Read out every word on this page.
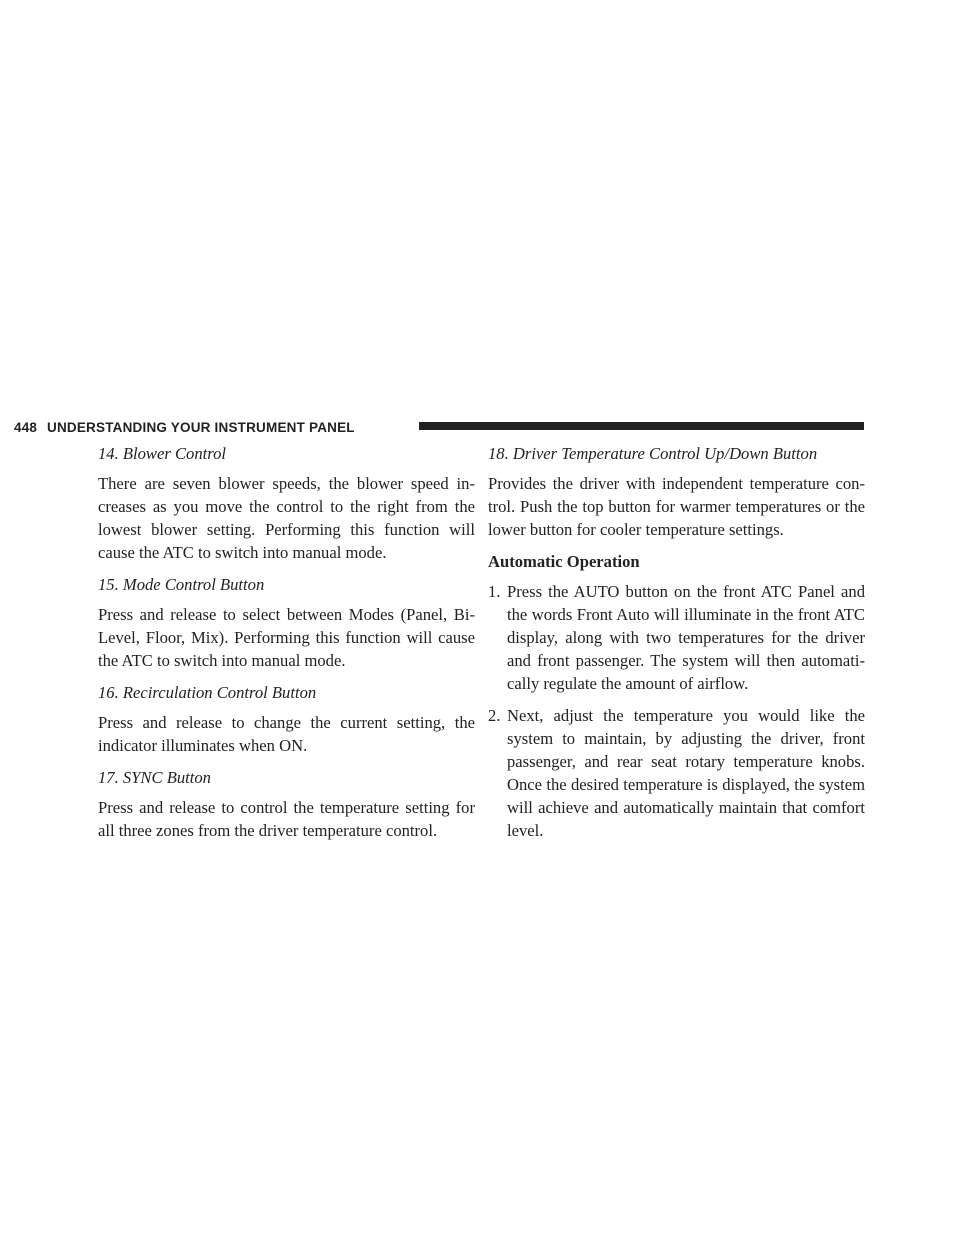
448 UNDERSTANDING YOUR INSTRUMENT PANEL
14. Blower Control

There are seven blower speeds, the blower speed in-creases as you move the control to the right from the lowest blower setting. Performing this function will cause the ATC to switch into manual mode.

15. Mode Control Button

Press and release to select between Modes (Panel, Bi-Level, Floor, Mix). Performing this function will cause the ATC to switch into manual mode.

16. Recirculation Control Button

Press and release to change the current setting, the indicator illuminates when ON.

17. SYNC Button

Press and release to control the temperature setting for all three zones from the driver temperature control.

18. Driver Temperature Control Up/Down Button

Provides the driver with independent temperature con-trol. Push the top button for warmer temperatures or the lower button for cooler temperature settings.

Automatic Operation
1. Press the AUTO button on the front ATC Panel and the words Front Auto will illuminate in the front ATC display, along with two temperatures for the driver and front passenger. The system will then automati-cally regulate the amount of airflow.
2. Next, adjust the temperature you would like the system to maintain, by adjusting the driver, front passenger, and rear seat rotary temperature knobs. Once the desired temperature is displayed, the system will achieve and automatically maintain that comfort level.
